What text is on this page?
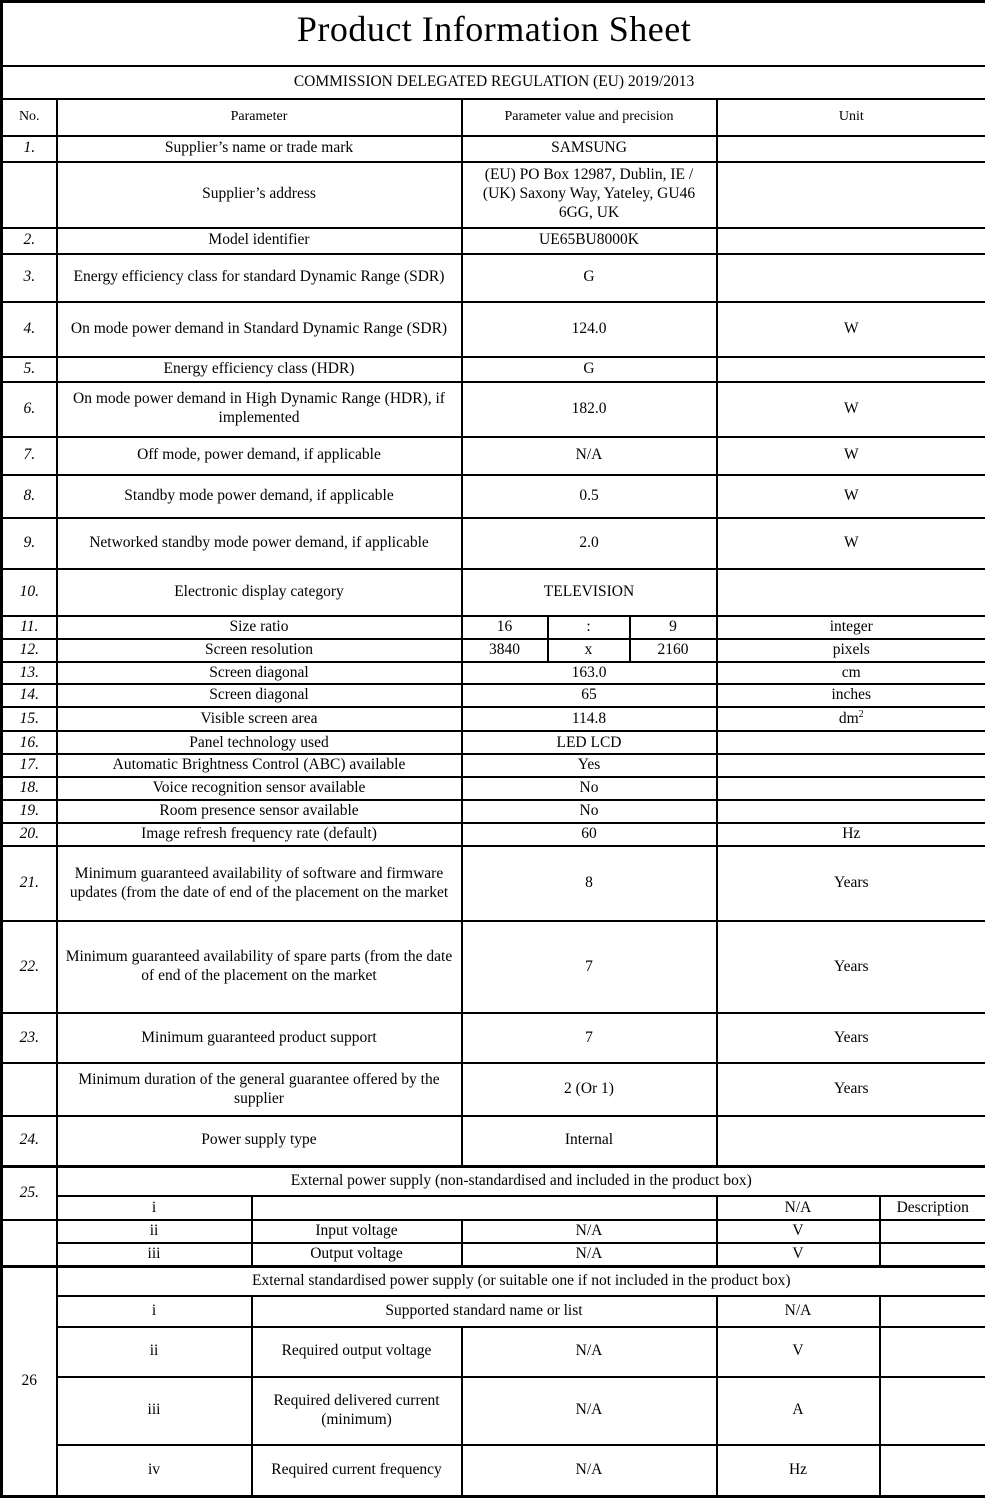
Product Information Sheet							
COMMISSION DELEGATED REGULATION (EU) 2019/2013							
No.	Parameter		Parameter value and precision			Unit	
1.	Supplier’s name or trade mark		SAMSUNG				
	Supplier’s address		(EU) PO Box 12987, Dublin, IE / (UK) Saxony Way, Yateley, GU46 6GG, UK				
2.	Model identifier		UE65BU8000K				
3.	Energy efficiency class for standard Dynamic Range (SDR)		G				
4.	On mode power demand in Standard Dynamic Range (SDR)		124.0			W	
5.	Energy efficiency class (HDR)		G				
6.	On mode power demand in High Dynamic Range (HDR), if implemented		182.0			W	
7.	Off mode, power demand, if applicable		N/A			W	
8.	Standby mode power demand, if applicable		0.5			W	
9.	Networked standby mode power demand, if applicable		2.0			W	
10.	Electronic display category		TELEVISION				
11.	Size ratio		16	:	9	integer	
12.	Screen resolution		3840	x	2160	pixels	
13.	Screen diagonal		163.0			cm	
14.	Screen diagonal		65			inches	
15.	Visible screen area		114.8			$dm^2$
16.	Panel technology used		LED LCD				
17.	Automatic Brightness Control (ABC) available		Yes				
18.	Voice recognition sensor available		No				
19.	Room presence sensor available		No				
20.	Image refresh frequency rate (default)		60			Hz	
21.	Minimum guaranteed availability of software and firmware updates (from the date of end of the placement on the market		8			Years	
22.	Minimum guaranteed availability of spare parts (from the date of end of the placement on the market		7			Years	
23.	Minimum guaranteed product support		7			Years	
	Minimum duration of the general guarantee offered by the supplier		2 (Or 1)			Years	
24.	Power supply type		Internal				
25.	External power supply (non-standardised and included in the product box)						
	i					N/A	Description
	ii	Input voltage	N/A			V	
	iii	Output voltage	N/A			V	
26	External standardised power supply (or suitable one if not included in the product box)						
	i	Supported standard name or list				N/A	
	ii	Required output voltage	N/A			V	
	iii	Required delivered current (minimum)	N/A			A	
	iv	Required current frequency	N/A			Hz	
